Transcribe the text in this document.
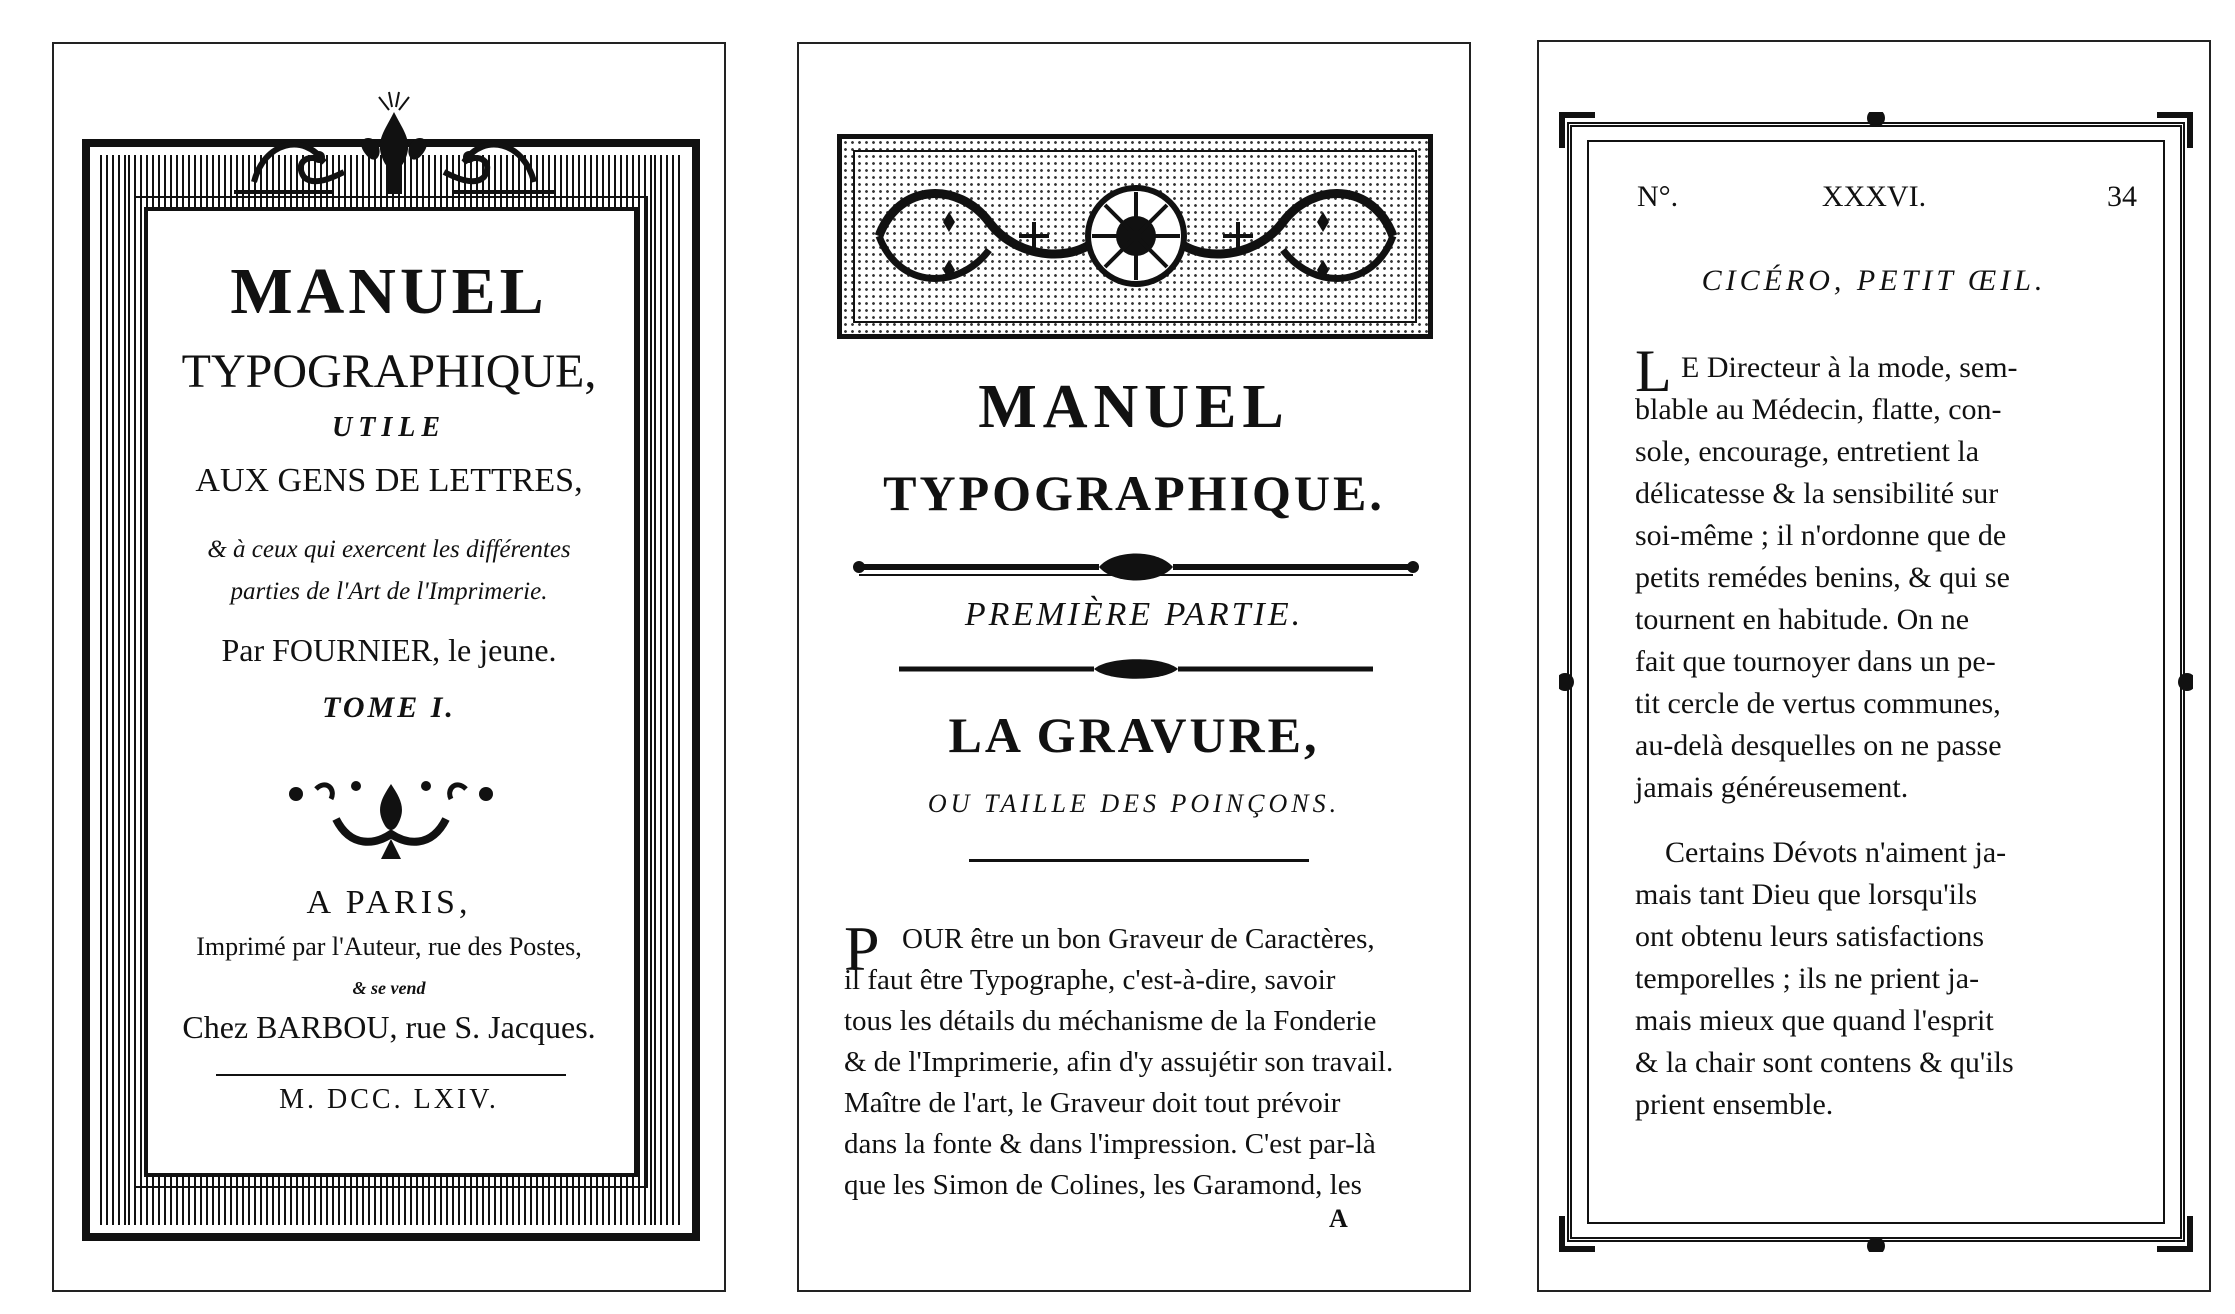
MANUEL
TYPOGRAPHIQUE,
UTILE
AUX GENS DE LETTRES,
& à ceux qui exercent les différentes
parties de l'Art de l'Imprimerie.
Par FOURNIER, le jeune.
TOME I.
A PARIS,
Imprimé par l'Auteur, rue des Postes,
& se vend
Chez BARBOU, rue S. Jacques.
M. DCC. LXIV.
MANUEL
TYPOGRAPHIQUE.
PREMIÈRE PARTIE.
LA GRAVURE,
OU TAILLE DES POINÇONS.
P OUR être un bon Graveur de Caractères,
il faut être Typographe, c'est-à-dire, savoir
tous les détails du méchanisme de la Fonderie
& de l'Imprimerie, afin d'y assujétir son travail.
Maître de l'art, le Graveur doit tout prévoir
dans la fonte & dans l'impression. C'est par-là
que les Simon de Colines, les Garamond, les
A
N°.	XXXVI.	34
CICÉRO, PETIT ŒIL.
L E Directeur à la mode, sem-
blable au Médecin, flatte, con-
sole, encourage, entretient la
délicatesse & la sensibilité sur
soi-même ; il n'ordonne que de
petits remédes benins, & qui se
tournent en habitude. On ne
fait que tournoyer dans un pe-
tit cercle de vertus communes,
au-delà desquelles on ne passe
jamais généreusement.
Certains Dévots n'aiment ja-
mais tant Dieu que lorsqu'ils
ont obtenu leurs satisfactions
temporelles ; ils ne prient ja-
mais mieux que quand l'esprit
& la chair sont contens & qu'ils
prient ensemble.
